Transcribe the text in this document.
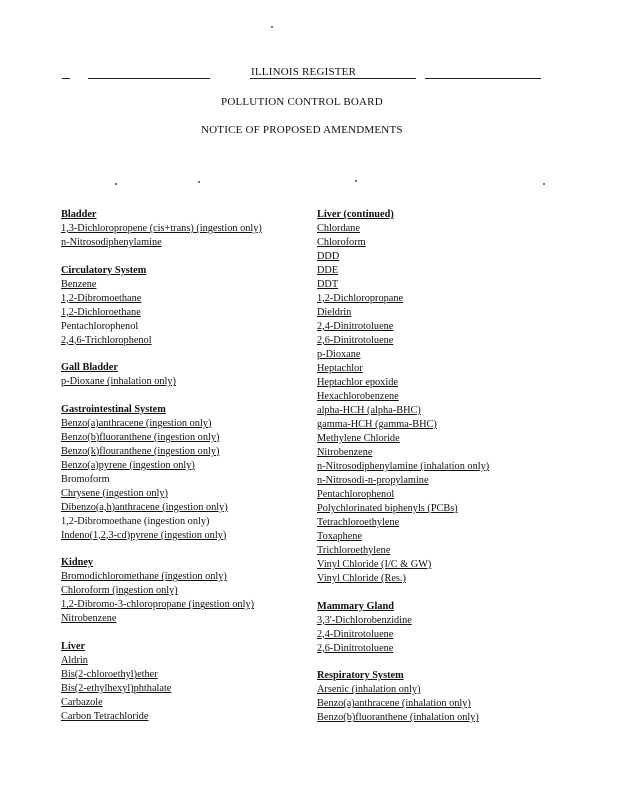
ILLINOIS REGISTER
POLLUTION CONTROL BOARD
NOTICE OF PROPOSED AMENDMENTS
Bladder
1,3-Dichloropropene (cis+trans) (ingestion only)
n-Nitrosodiphenylamine
Circulatory System
Benzene
1,2-Dibromoethane
1,2-Dichloroethane
Pentachlorophenol
2,4,6-Trichlorophenol
Gall Bladder
p-Dioxane (inhalation only)
Gastrointestinal System
Benzo(a)anthracene (ingestion only)
Benzo(b)fluoranthene (ingestion only)
Benzo(k)flouranthene (ingestion only)
Benzo(a)pyrene (ingestion only)
Bromoform
Chrysene (ingestion only)
Dibenzo(a,h)anthracene (ingestion only)
1,2-Dibromoethane (ingestion only)
Indeno(1,2,3-cd)pyrene (ingestion only)
Kidney
Bromodichloromethane (ingestion only)
Chloroform (ingestion only)
1,2-Dibromo-3-chloropropane (ingestion only)
Nitrobenzene
Liver
Aldrin
Bis(2-chloroethyl)ether
Bis(2-ethylhexyl)phthalate
Carbazole
Carbon Tetrachloride
Liver (continued)
Chlordane
Chloroform
DDD
DDE
DDT
1,2-Dichloropropane
Dieldrin
2,4-Dinitrotoluene
2,6-Dinitrotoluene
p-Dioxane
Heptachlor
Heptachlor epoxide
Hexachlorobenzene
alpha-HCH (alpha-BHC)
gamma-HCH (gamma-BHC)
Methylene Chloride
Nitrobenzene
n-Nitrosodiphenylamine (inhalation only)
n-Nitrosodi-n-propylamine
Pentachlorophenol
Polychlorinated biphenyls (PCBs)
Tetrachloroethylene
Toxaphene
Trichloroethylene
Vinyl Chloride (I/C & GW)
Vinyl Chloride (Res.)
Mammary Gland
3,3'-Dichlorobenzidine
2,4-Dinitrotoluene
2,6-Dinitrotoluene
Respiratory System
Arsenic (inhalation only)
Benzo(a)anthracene (inhalation only)
Benzo(b)fluoranthene (inhalation only)
